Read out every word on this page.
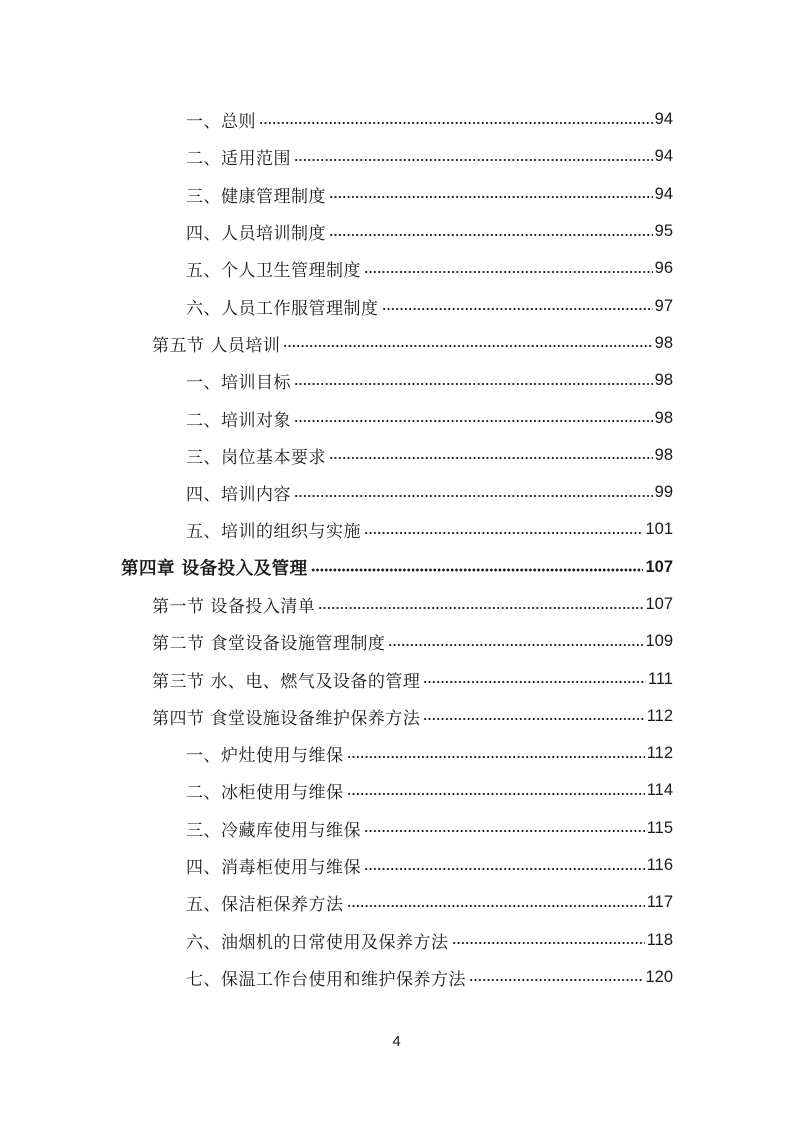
一、总则	94
二、适用范围	94
三、健康管理制度	94
四、人员培训制度	95
五、个人卫生管理制度	96
六、人员工作服管理制度	97
第五节 人员培训	98
一、培训目标	98
二、培训对象	98
三、岗位基本要求	98
四、培训内容	99
五、培训的组织与实施	101
第四章 设备投入及管理	107
第一节 设备投入清单	107
第二节 食堂设备设施管理制度	109
第三节 水、电、燃气及设备的管理	111
第四节 食堂设施设备维护保养方法	112
一、炉灶使用与维保	112
二、冰柜使用与维保	114
三、冷藏库使用与维保	115
四、消毒柜使用与维保	116
五、保洁柜保养方法	117
六、油烟机的日常使用及保养方法	118
七、保温工作台使用和维护保养方法	120
4
